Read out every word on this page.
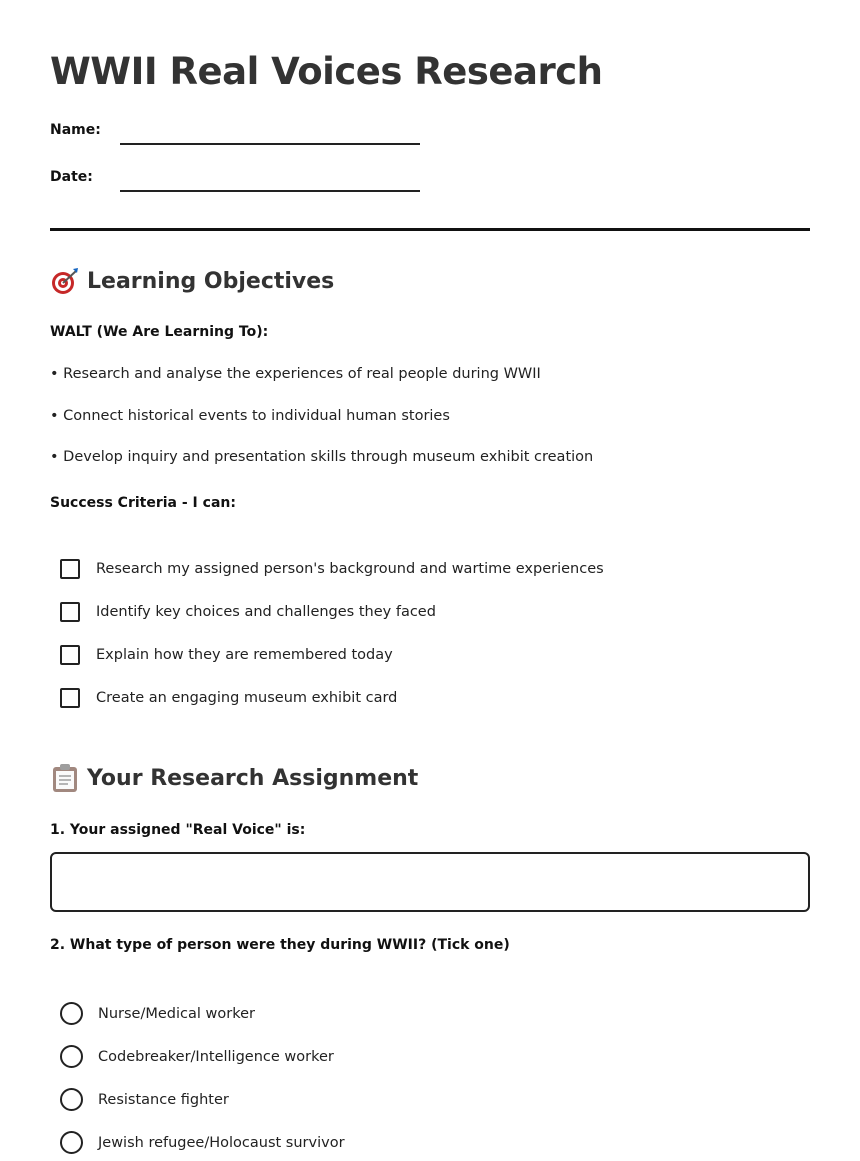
WWII Real Voices Research
Name:
Date:
Learning Objectives
WALT (We Are Learning To):
• Research and analyse the experiences of real people during WWII
• Connect historical events to individual human stories
• Develop inquiry and presentation skills through museum exhibit creation
Success Criteria - I can:
Research my assigned person's background and wartime experiences
Identify key choices and challenges they faced
Explain how they are remembered today
Create an engaging museum exhibit card
Your Research Assignment
1. Your assigned "Real Voice" is:
2. What type of person were they during WWII? (Tick one)
Nurse/Medical worker
Codebreaker/Intelligence worker
Resistance fighter
Jewish refugee/Holocaust survivor
